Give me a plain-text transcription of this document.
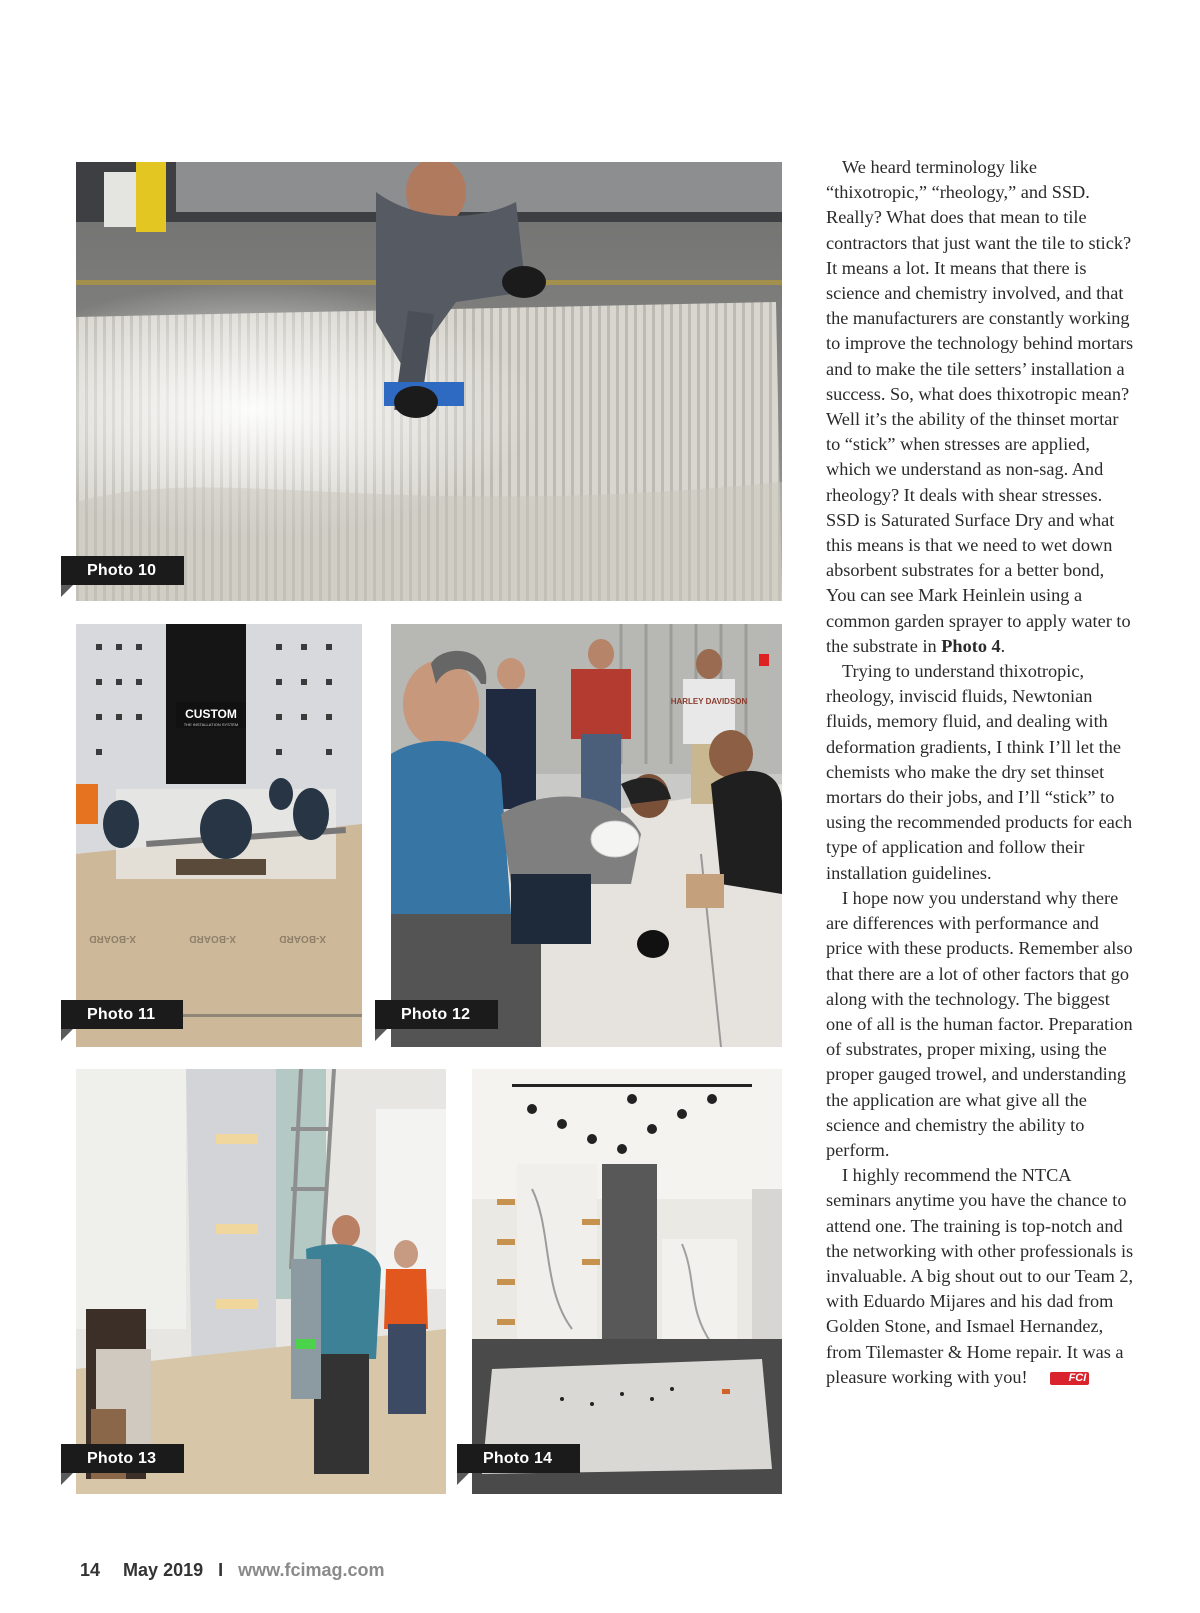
Photo 10
CUSTOM
THE INSTALLATION SYSTEM
X-BOARD	X-BOARD	X-BOARD
Photo 11
HARLEY DAVIDSON
Photo 12
Photo 13	Photo 14

We heard terminology like “thixotropic,” “rheology,” and SSD. Really? What does that mean to tile contractors that just want the tile to stick? It means a lot. It means that there is science and chemistry involved, and that the manufacturers are constantly working to improve the technology behind mortars and to make the tile setters’ installation a success. So, what does thixotropic mean? Well it’s the ability of the thinset mortar to “stick” when stresses are applied, which we understand as non-sag. And rheology? It deals with shear stresses. SSD is Saturated Surface Dry and what this means is that we need to wet down absorbent substrates for a better bond, You can see Mark Heinlein using a common garden sprayer to apply water to the substrate in Photo 4.

Trying to understand thixotropic, rheology, inviscid fluids, Newtonian fluids, memory fluid, and dealing with deformation gradients, I think I’ll let the chemists who make the dry set thinset mortars do their jobs, and I’ll “stick” to using the recommended products for each type of application and follow their installation guidelines.

I hope now you understand why there are differences with performance and price with these products. Remember also that there are a lot of other factors that go along with the technology. The biggest one of all is the human factor. Preparation of substrates, proper mixing, using the proper gauged trowel, and understanding the application are what give all the science and chemistry the ability to perform.

I highly recommend the NTCA seminars anytime you have the chance to attend one. The training is top-notch and the networking with other professionals is invaluable. A big shout out to our Team 2, with Eduardo Mijares and his dad from Golden Stone, and Ismael Hernandez, from Tilemaster & Home repair. It was a pleasure working with you!	FCI

14 May 2019 I www.fcimag.com
